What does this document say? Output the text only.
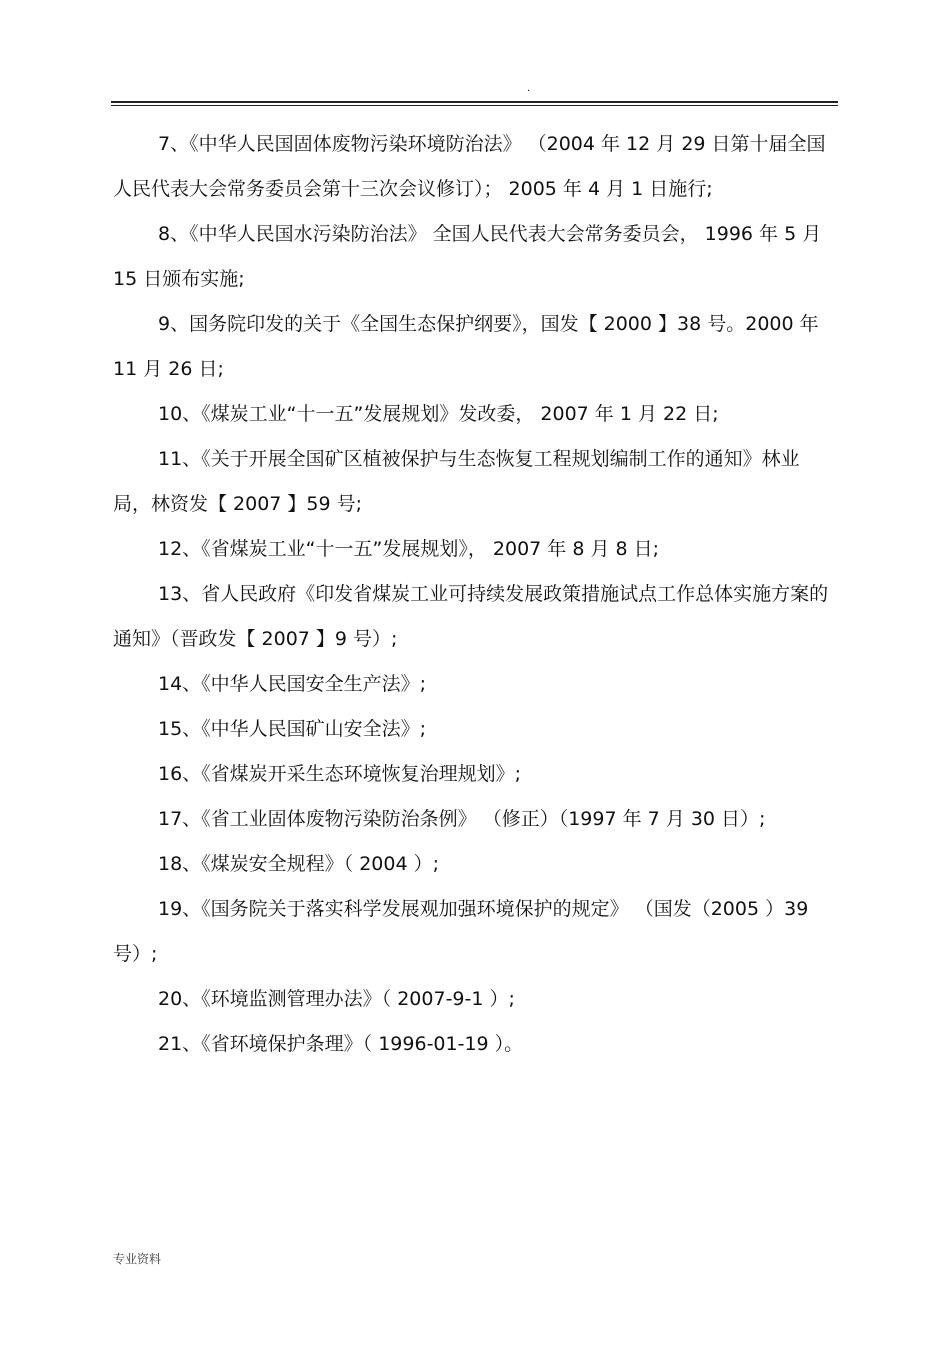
.

7、《中华人民国固体废物污染环境防治法》 （2004 年 12 月 29 日第十届全国人民代表大会常务委员会第十三次会议修订）； 2005 年 4 月 1 日施行;

8、《中华人民国水污染防治法》 全国人民代表大会常务委员会， 1996 年 5 月 15 日颁布实施;

9、国务院印发的关于《全国生态保护纲要》，国发【 2000 】38 号。2000 年 11 月 26 日;

10、《煤炭工业“十一五”发展规划》发改委， 2007 年 1 月 22 日;

11、《关于开展全国矿区植被保护与生态恢复工程规划编制工作的通知》林业局，林资发【 2007 】59 号;

12、《省煤炭工业“十一五”发展规划》， 2007 年 8 月 8 日;

13、省人民政府《印发省煤炭工业可持续发展政策措施试点工作总体实施方案的通知》（晋政发【 2007 】9 号）;

14、《中华人民国安全生产法》;

15、《中华人民国矿山安全法》;

16、《省煤炭开采生态环境恢复治理规划》;

17、《省工业固体废物污染防治条例》 （修正）（1997 年 7 月 30 日）;

18、《煤炭安全规程》（ 2004 ）;

19、《国务院关于落实科学发展观加强环境保护的规定》 （国发（2005 ）39 号）;

20、《环境监测管理办法》（ 2007-9-1 ）;

21、《省环境保护条理》（ 1996-01-19 ）。

专业资料
